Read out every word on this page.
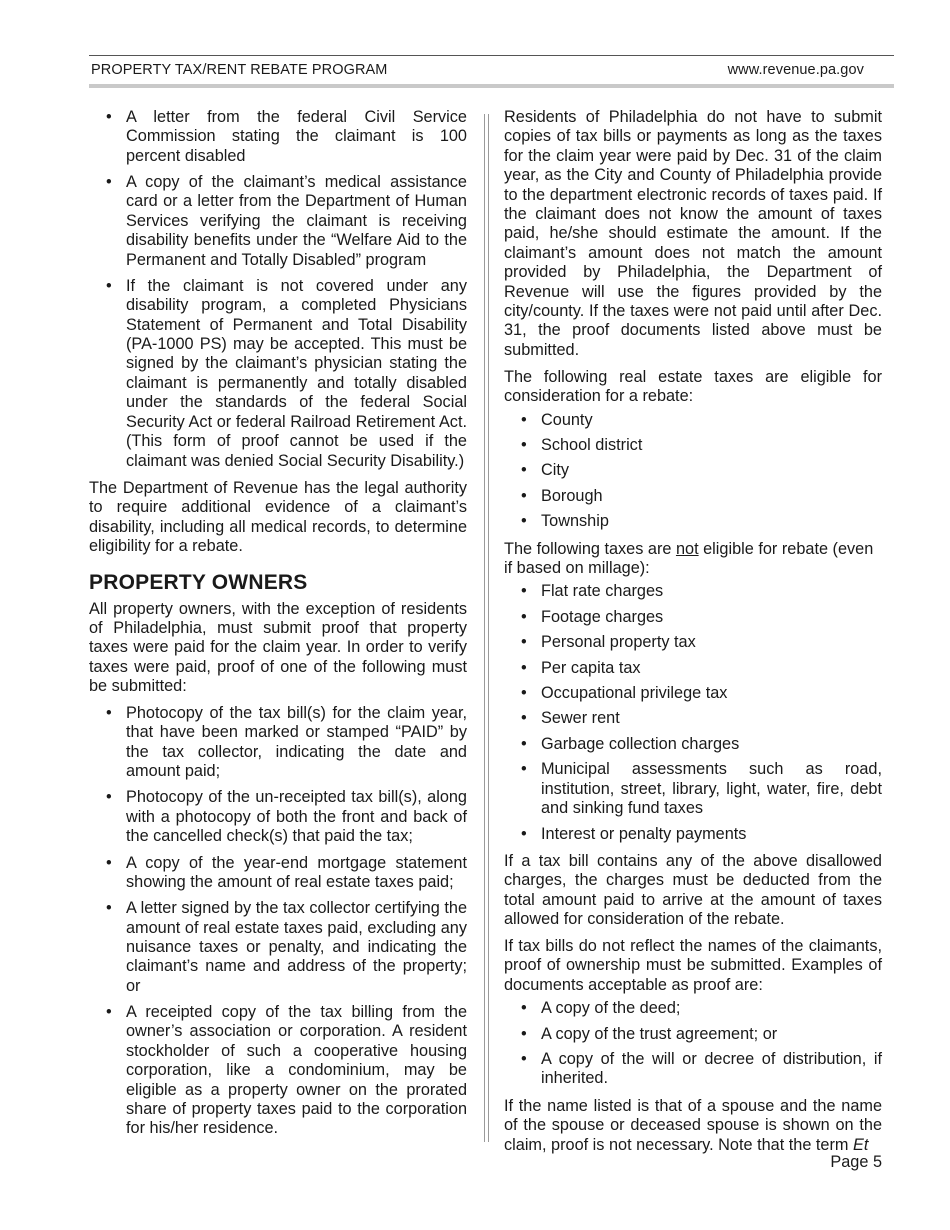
PROPERTY TAX/RENT REBATE PROGRAM	www.revenue.pa.gov
• A letter from the federal Civil Service Commission stating the claimant is 100 percent disabled
• A copy of the claimant’s medical assistance card or a letter from the Department of Human Services verifying the claimant is receiving disability benefits under the “Welfare Aid to the Permanent and Totally Disabled” program
• If the claimant is not covered under any disability program, a completed Physicians Statement of Permanent and Total Disability (PA-1000 PS) may be accepted. This must be signed by the claimant’s physician stating the claimant is permanently and totally disabled under the standards of the federal Social Security Act or federal Railroad Retirement Act. (This form of proof cannot be used if the claimant was denied Social Security Disability.)

The Department of Revenue has the legal authority to require additional evidence of a claimant’s disability, including all medical records, to determine eligibility for a rebate.

PROPERTY OWNERS

All property owners, with the exception of residents of Philadelphia, must submit proof that property taxes were paid for the claim year. In order to verify taxes were paid, proof of one of the following must be submitted:

• Photocopy of the tax bill(s) for the claim year, that have been marked or stamped “PAID” by the tax collector, indicating the date and amount paid;
• Photocopy of the un-receipted tax bill(s), along with a photocopy of both the front and back of the cancelled check(s) that paid the tax;
• A copy of the year-end mortgage statement showing the amount of real estate taxes paid;
• A letter signed by the tax collector certifying the amount of real estate taxes paid, excluding any nuisance taxes or penalty, and indicating the claimant’s name and address of the property; or
• A receipted copy of the tax billing from the owner’s association or corporation. A resident stockholder of such a cooperative housing corporation, like a condominium, may be eligible as a property owner on the prorated share of property taxes paid to the corporation for his/her residence.

Residents of Philadelphia do not have to submit copies of tax bills or payments as long as the taxes for the claim year were paid by Dec. 31 of the claim year, as the City and County of Philadelphia provide to the department electronic records of taxes paid. If the claimant does not know the amount of taxes paid, he/she should estimate the amount. If the claimant’s amount does not match the amount provided by Philadelphia, the Department of Revenue will use the figures provided by the city/county. If the taxes were not paid until after Dec. 31, the proof documents listed above must be submitted.

The following real estate taxes are eligible for consideration for a rebate:

• County
• School district
• City
• Borough
• Township

The following taxes are not eligible for rebate (even if based on millage):

• Flat rate charges
• Footage charges
• Personal property tax
• Per capita tax
• Occupational privilege tax
• Sewer rent
• Garbage collection charges
• Municipal assessments such as road, institution, street, library, light, water, fire, debt and sinking fund taxes
• Interest or penalty payments

If a tax bill contains any of the above disallowed charges, the charges must be deducted from the total amount paid to arrive at the amount of taxes allowed for consideration of the rebate.

If tax bills do not reflect the names of the claimants, proof of ownership must be submitted. Examples of documents acceptable as proof are:

• A copy of the deed;
• A copy of the trust agreement; or
• A copy of the will or decree of distribution, if inherited.

If the name listed is that of a spouse and the name of the spouse or deceased spouse is shown on the claim, proof is not necessary. Note that the term Et

Page 5
